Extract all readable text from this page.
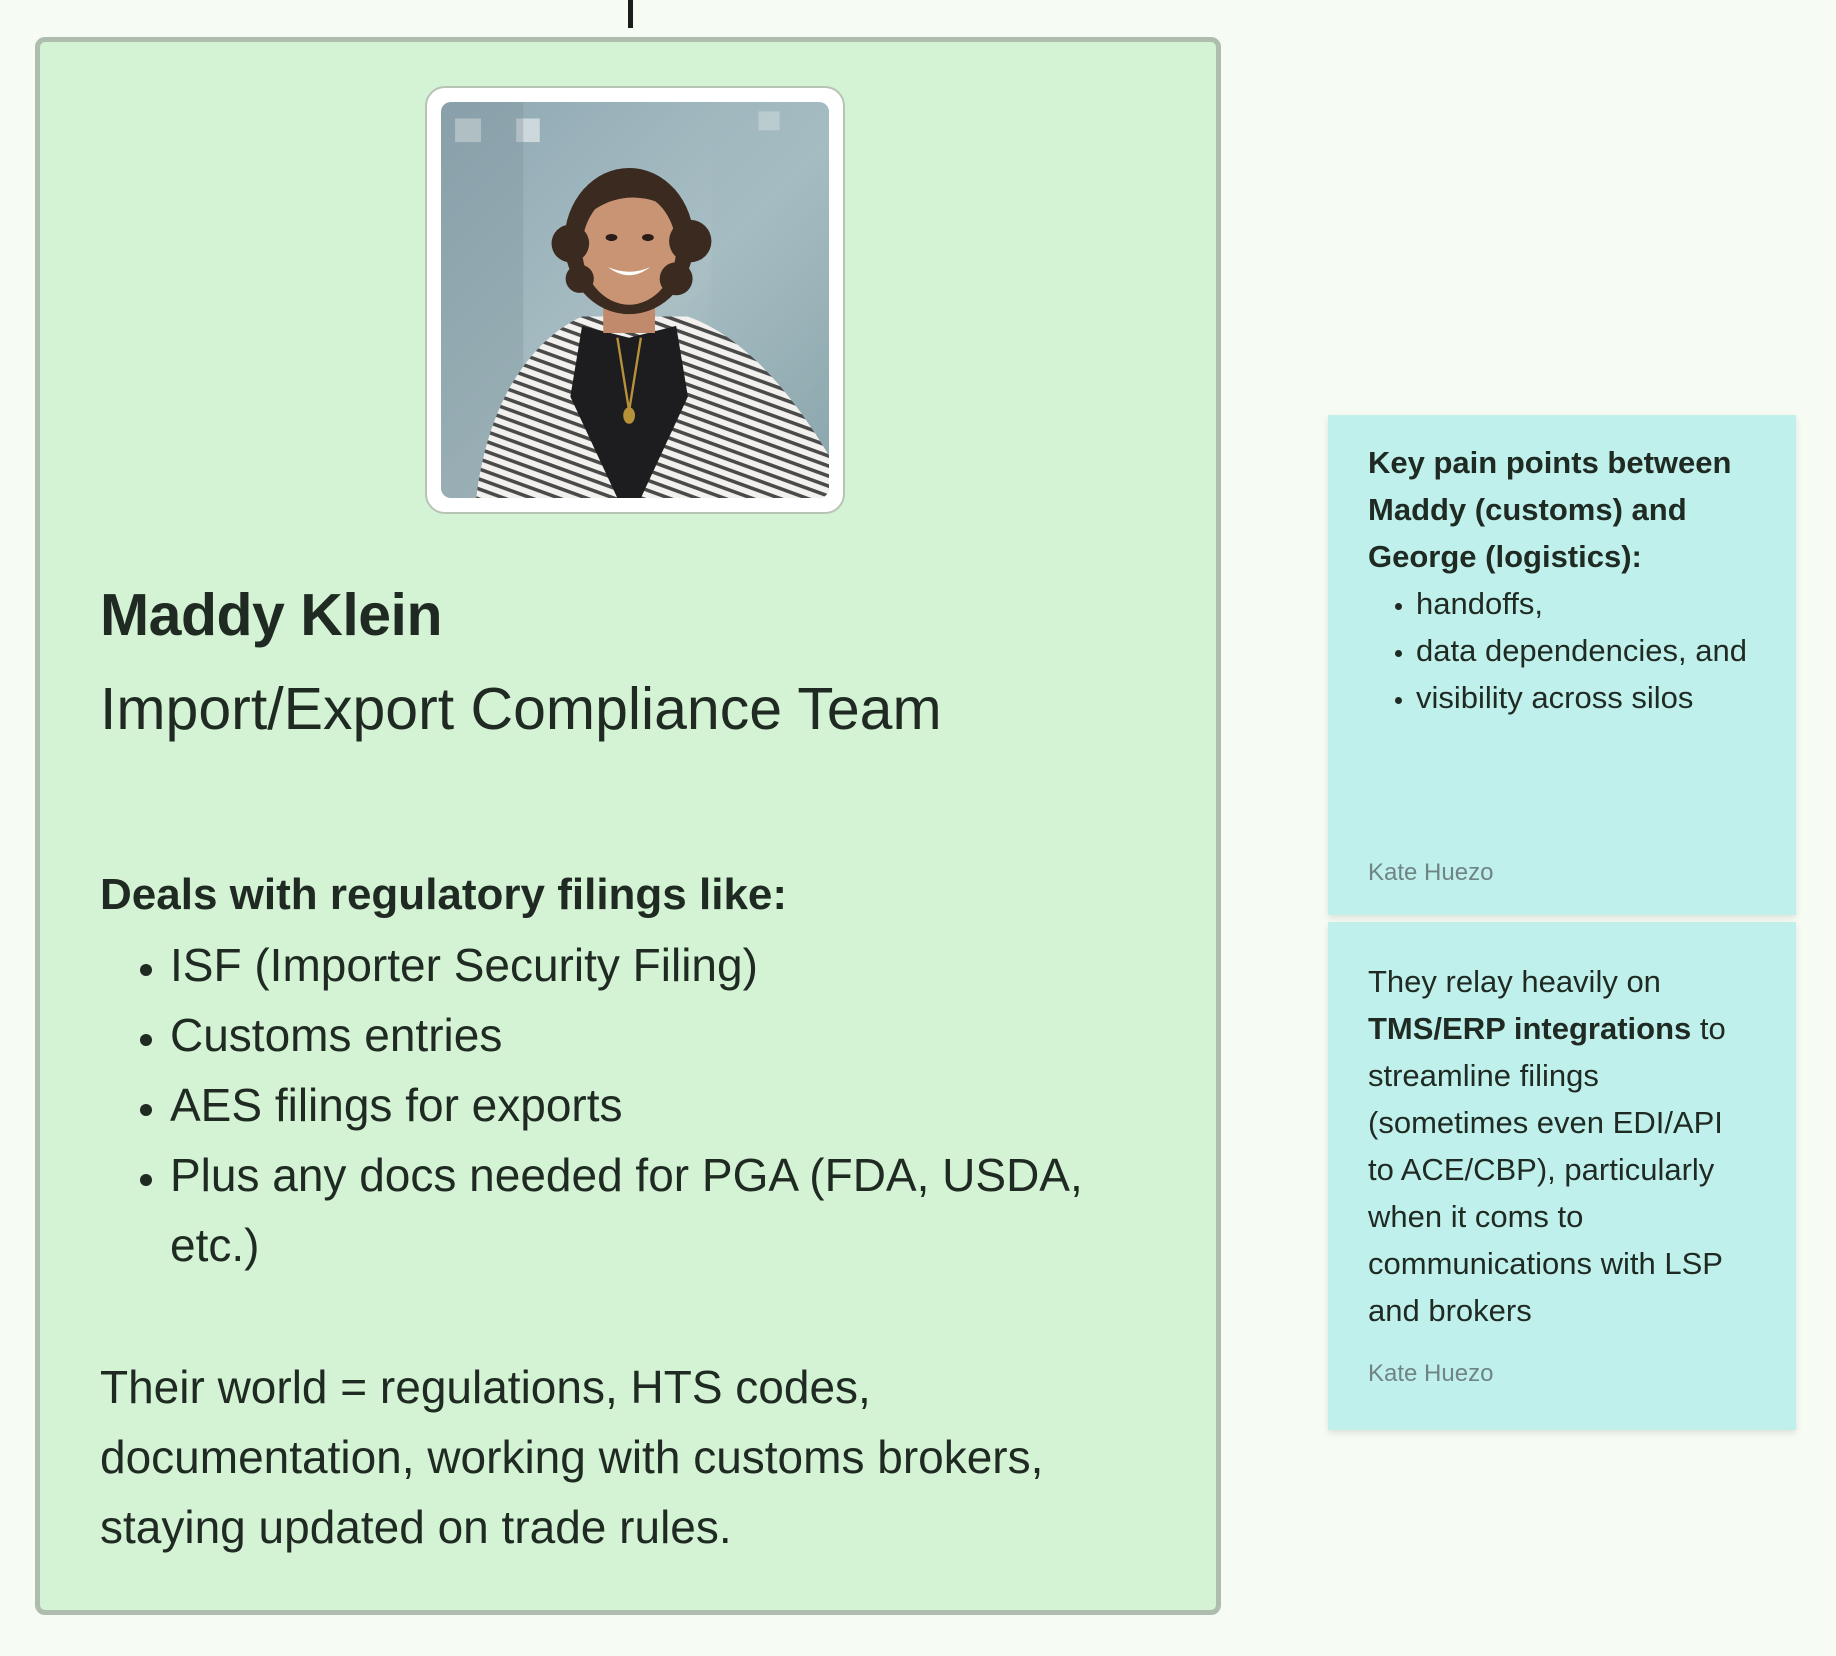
Maddy Klein
Import/Export Compliance Team

Deals with regulatory filings like:

• ISF (Importer Security Filing)
• Customs entries
• AES filings for exports
• Plus any docs needed for PGA (FDA, USDA, etc.)

Their world = regulations, HTS codes, documentation, working with customs brokers, staying updated on trade rules.

Key pain points between Maddy (customs) and George (logistics):

• handoffs,
• data dependencies, and
• visibility across silos
Kate Huezo

They relay heavily on TMS/ERP integrations to streamline filings (sometimes even EDI/API to ACE/CBP), particularly when it coms to communications with LSP and brokers

Kate Huezo
